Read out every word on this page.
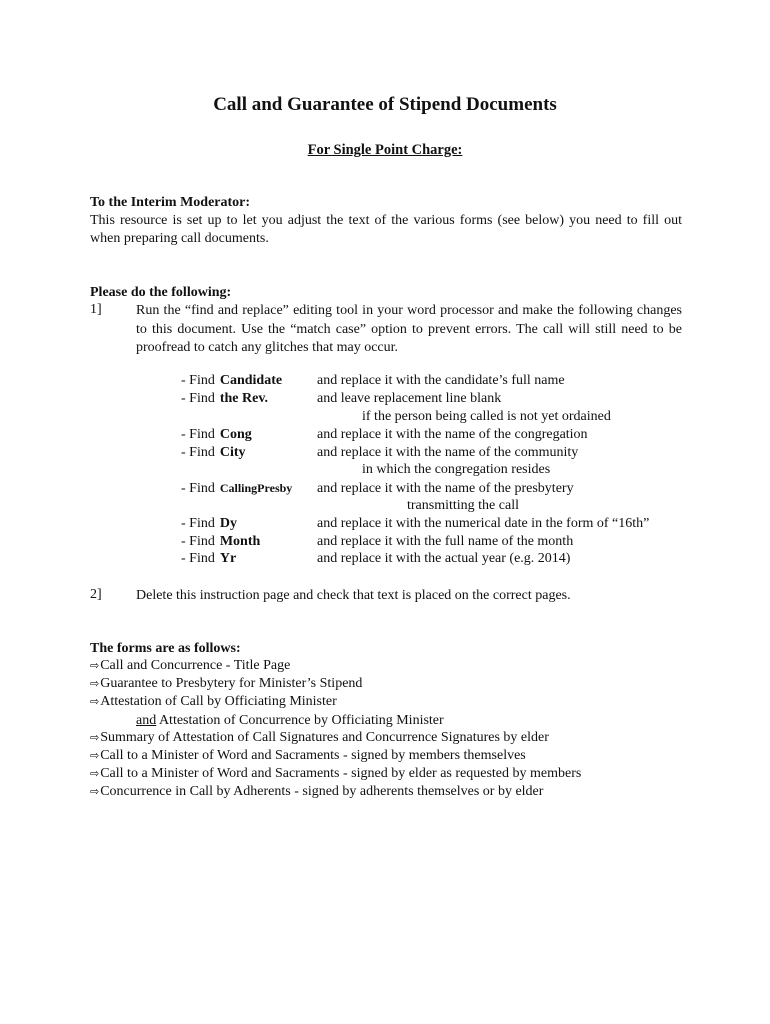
Call and Guarantee of Stipend Documents
For Single Point Charge:
To the Interim Moderator:
This resource is set up to let you adjust the text of the various forms (see below) you need to fill out when preparing call documents.
Please do the following:
1] Run the “find and replace” editing tool in your word processor and make the following changes to this document. Use the “match case” option to prevent errors. The call will still need to be proofread to catch any glitches that may occur.
- Find Candidate and replace it with the candidate’s full name
- Find the Rev.	and leave replacement line blank
if the person being called is not yet ordained
- Find Cong	and replace it with the name of the congregation
- Find City	and replace it with the name of the community
in which the congregation resides
- Find CallingPresby and replace it with the name of the presbytery
transmitting the call
- Find Dy	and replace it with the numerical date in the form of “16th”
- Find Month	and replace it with the full name of the month
- Find Yr	and replace it with the actual year (e.g. 2014)
2] Delete this instruction page and check that text is placed on the correct pages.
The forms are as follows:
⇨Call and Concurrence - Title Page
⇨Guarantee to Presbytery for Minister’s Stipend
⇨Attestation of Call by Officiating Minister
and Attestation of Concurrence by Officiating Minister
⇨Summary of Attestation of Call Signatures and Concurrence Signatures by elder
⇨Call to a Minister of Word and Sacraments - signed by members themselves
⇨Call to a Minister of Word and Sacraments - signed by elder as requested by members
⇨Concurrence in Call by Adherents - signed by adherents themselves or by elder
